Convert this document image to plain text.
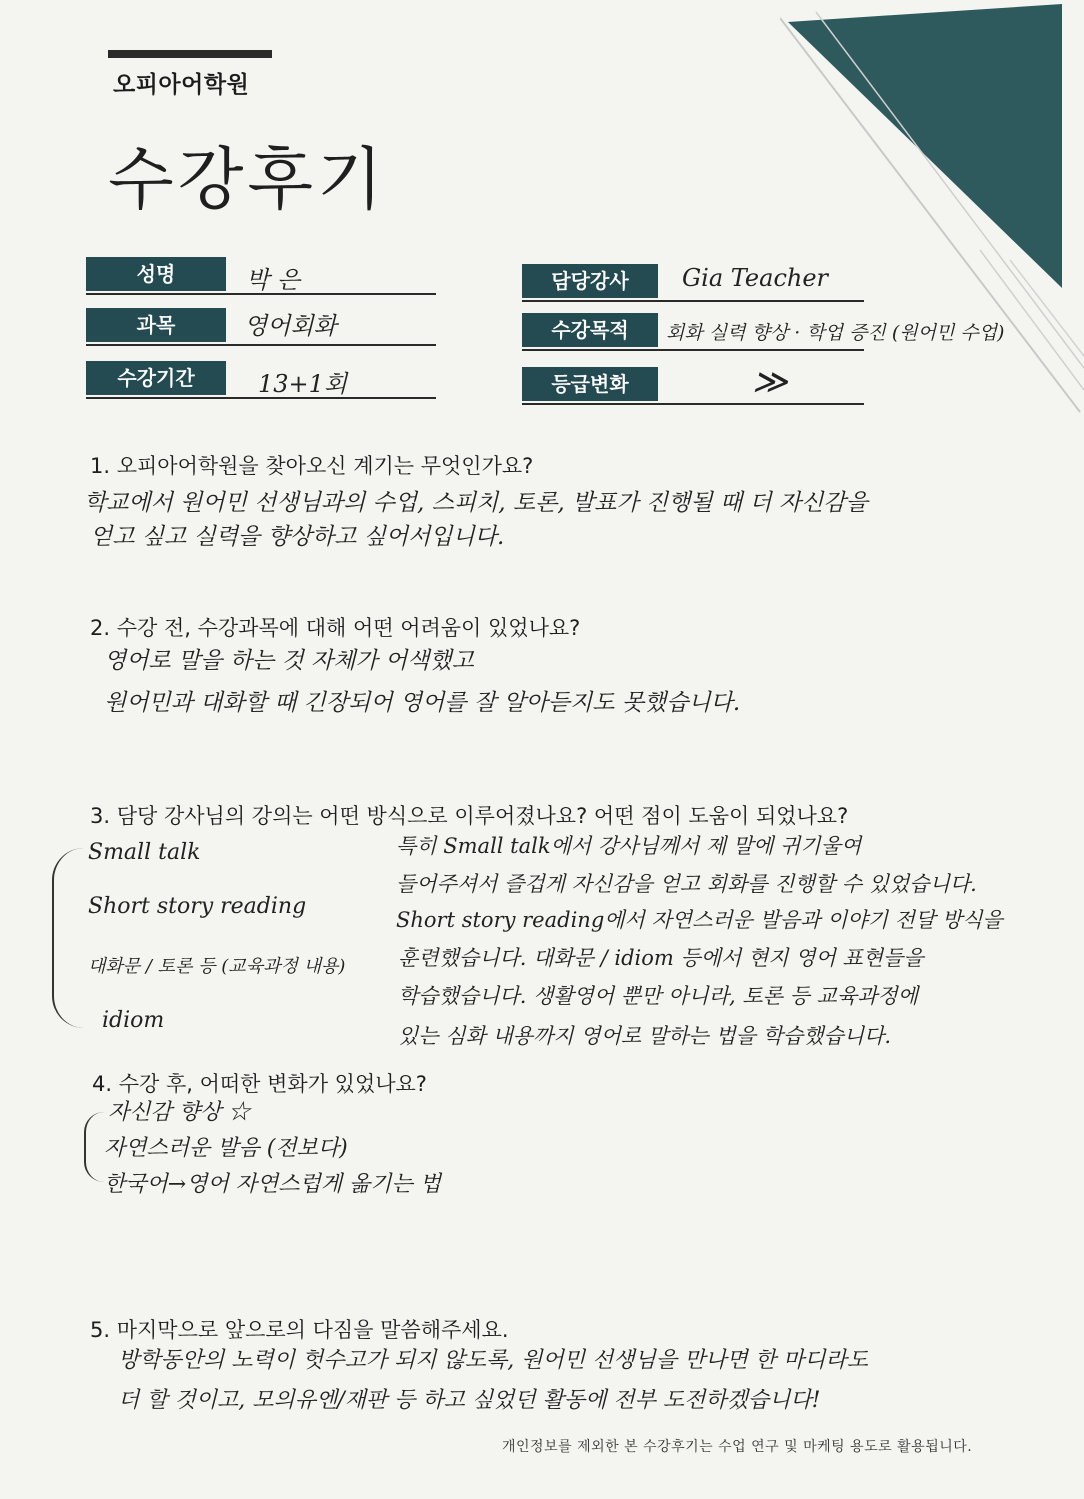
오피아어학원
수강후기
성명	박 은
과목	영어회화
수강기간	13+1회
담당강사	Gia Teacher
수강목적	회화 실력 향상 · 학업 증진 (원어민 수업)
등급변화	≫
1. 오피아어학원을 찾아오신 계기는 무엇인가요?
학교에서 원어민 선생님과의 수업, 스피치, 토론, 발표가 진행될 때 더 자신감을
얻고 싶고 실력을 향상하고 싶어서입니다.
2. 수강 전, 수강과목에 대해 어떤 어려움이 있었나요?
영어로 말을 하는 것 자체가 어색했고
원어민과 대화할 때 긴장되어 영어를 잘 알아듣지도 못했습니다.
3. 담당 강사님의 강의는 어떤 방식으로 이루어졌나요? 어떤 점이 도움이 되었나요?
Small talk
Short story reading
대화문 / 토론 등 (교육과정 내용)
idiom
특히 Small talk에서 강사님께서 제 말에 귀기울여
들어주셔서 즐겁게 자신감을 얻고 회화를 진행할 수 있었습니다.
Short story reading에서 자연스러운 발음과 이야기 전달 방식을
훈련했습니다. 대화문 / idiom 등에서 현지 영어 표현들을
학습했습니다. 생활영어 뿐만 아니라, 토론 등 교육과정에
있는 심화 내용까지 영어로 말하는 법을 학습했습니다.
4. 수강 후, 어떠한 변화가 있었나요?
자신감 향상 ☆
자연스러운 발음 (전보다)
한국어→영어 자연스럽게 옮기는 법
5. 마지막으로 앞으로의 다짐을 말씀해주세요.
방학동안의 노력이 헛수고가 되지 않도록, 원어민 선생님을 만나면 한 마디라도
더 할 것이고, 모의유엔/재판 등 하고 싶었던 활동에 전부 도전하겠습니다!
개인정보를 제외한 본 수강후기는 수업 연구 및 마케팅 용도로 활용됩니다.
